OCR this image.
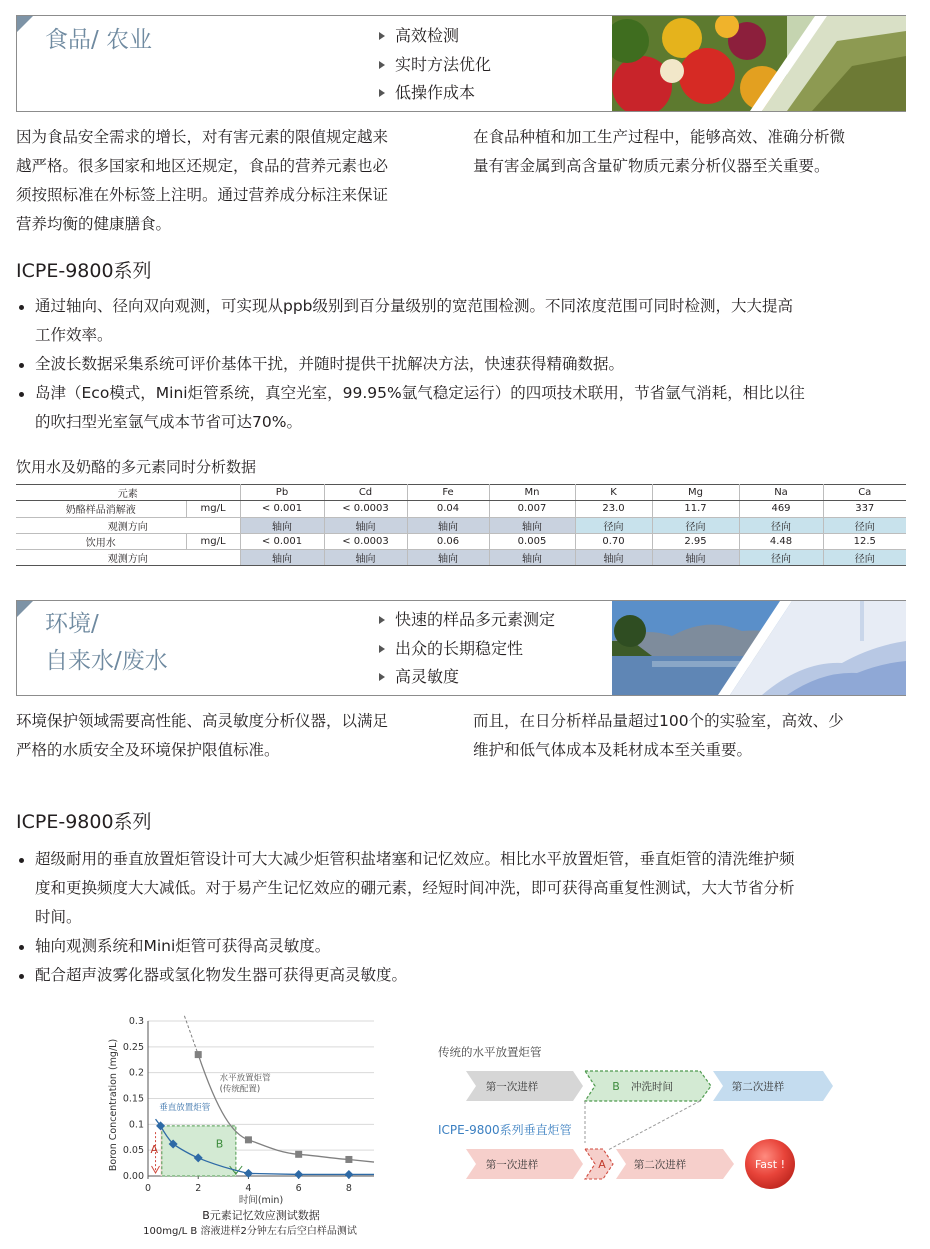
食品/ 农业	高效检测
实时方法优化
低操作成本
因为食品安全需求的增长，对有害元素的限值规定越来
越严格。很多国家和地区还规定，食品的营养元素也必
须按照标准在外标签上注明。通过营养成分标注来保证
营养均衡的健康膳食。
在食品种植和加工生产过程中，能够高效、准确分析微
量有害金属到高含量矿物质元素分析仪器至关重要。
ICPE-9800系列
通过轴向、径向双向观测，可实现从ppb级别到百分量级别的宽范围检测。不同浓度范围可同时检测，大大提高
工作效率。
全波长数据采集系统可评价基体干扰，并随时提供干扰解决方法，快速获得精确数据。
岛津（Eco模式，Mini炬管系统，真空光室，99.95%氩气稳定运行）的四项技术联用，节省氩气消耗，相比以往
的吹扫型光室氩气成本节省可达70%。
饮用水及奶酪的多元素同时分析数据
元素		Pb	Cd	Fe	Mn	K	Mg	Na	Ca
奶酪样品消解液	mg/L	< 0.001	< 0.0003	0.04	0.007	23.0	11.7	469	337
观测方向		轴向	轴向	轴向	轴向	径向	径向	径向	径向
饮用水	mg/L	< 0.001	< 0.0003	0.06	0.005	0.70	2.95	4.48	12.5
观测方向		轴向	轴向	轴向	轴向	轴向	轴向	径向	径向
环境/
自来水/废水
快速的样品多元素测定
出众的长期稳定性
高灵敏度
环境保护领域需要高性能、高灵敏度分析仪器，以满足
严格的水质安全及环境保护限值标准。
而且，在日分析样品量超过100个的实验室，高效、少
维护和低气体成本及耗材成本至关重要。
ICPE-9800系列
超级耐用的垂直放置炬管设计可大大减少炬管积盐堵塞和记忆效应。相比水平放置炬管，垂直炬管的清洗维护频
度和更换频度大大减低。对于易产生记忆效应的硼元素，经短时间冲洗，即可获得高重复性测试，大大节省分析
时间。
轴向观测系统和Mini炬管可获得高灵敏度。
配合超声波雾化器或氢化物发生器可获得更高灵敏度。
Boron Concentration (mg/L)
时间(min)
B元素记忆效应测试数据
100mg/L B 溶液进样2分钟左右后空白样品测试
0.00
0.05
0.1
0.15
0.2
0.25
0.3
0	2	4	6	8
A	B
水平放置炬管
(传统配置)
垂直放置炬管
传统的水平放置炬管
第一次进样	B 冲洗时间	第二次进样
ICPE-9800系列垂直炬管
第一次进样	A	第二次进样	Fast !
